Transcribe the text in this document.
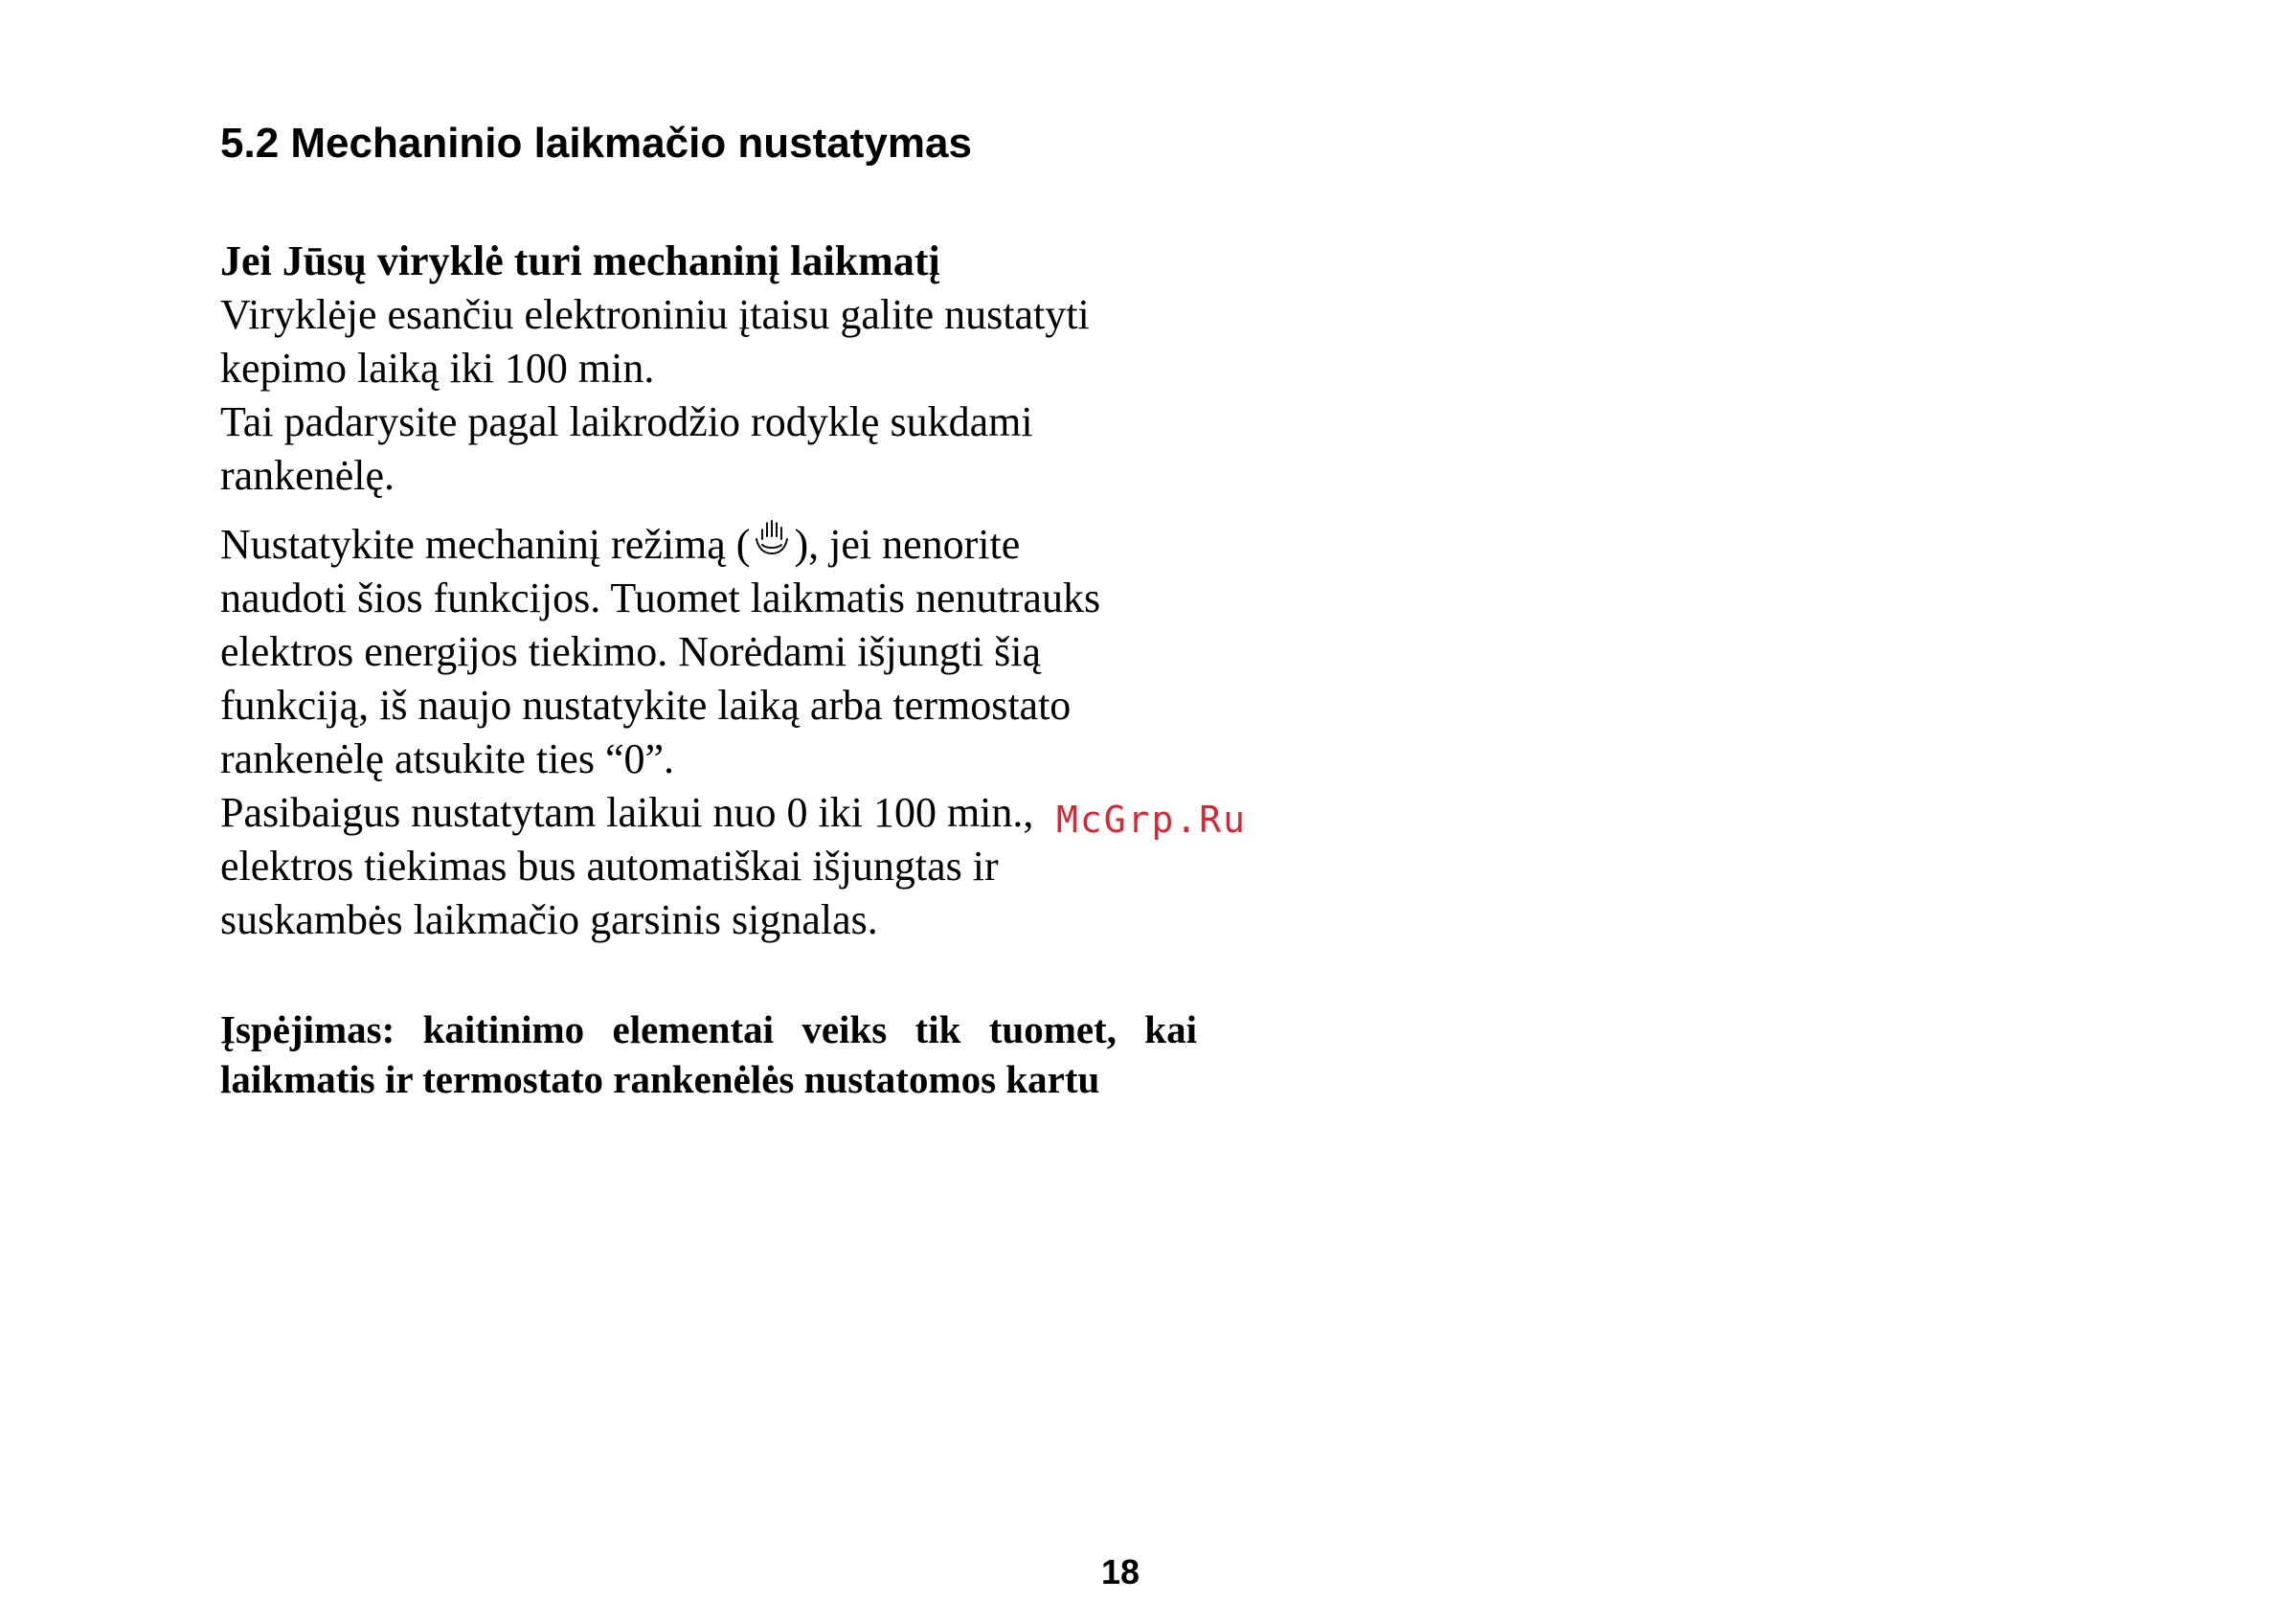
5.2 Mechaninio laikmačio nustatymas

Jei Jūsų viryklė turi mechaninį laikmatį

Viryklėje esančiu elektroniniu įtaisu galite nustatyti
kepimo laiką iki 100 min.
Tai padarysite pagal laikrodžio rodyklę sukdami
rankenėlę.

Nustatykite mechaninį režimą ( ), jei nenorite
naudoti šios funkcijos. Tuomet laikmatis nenutrauks
elektros energijos tiekimo. Norėdami išjungti šią
funkciją, iš naujo nustatykite laiką arba termostato
rankenėlę atsukite ties “0”.
Pasibaigus nustatytam laikui nuo 0 iki 100 min.,
elektros tiekimas bus automatiškai išjungtas ir
suskambės laikmačio garsinis signalas.

Įspėjimas: kaitinimo elementai veiks tik tuomet, kai
laikmatis ir termostato rankenėlės nustatomos kartu

McGrp.Ru

18
